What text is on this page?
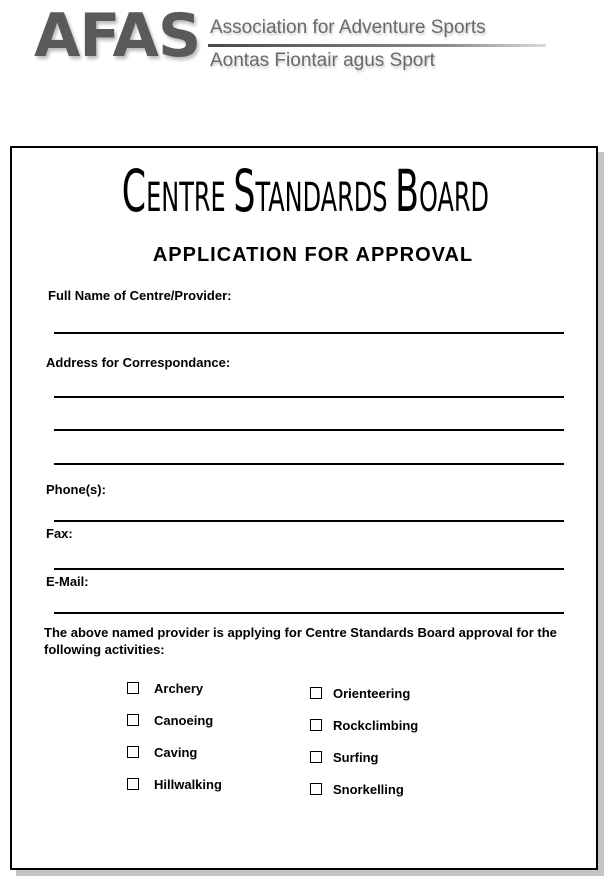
AFAS Association for Adventure Sports
Aontas Fiontair agus Sport
CENTRE STANDARDS BOARD
APPLICATION FOR APPROVAL
Full Name of Centre/Provider:
Address for Correspondance:
Phone(s):
Fax:
E-Mail:
The above named provider is applying for Centre Standards Board approval for the following activities:
Archery
Canoeing
Caving
Hillwalking
Orienteering
Rockclimbing
Surfing
Snorkelling
